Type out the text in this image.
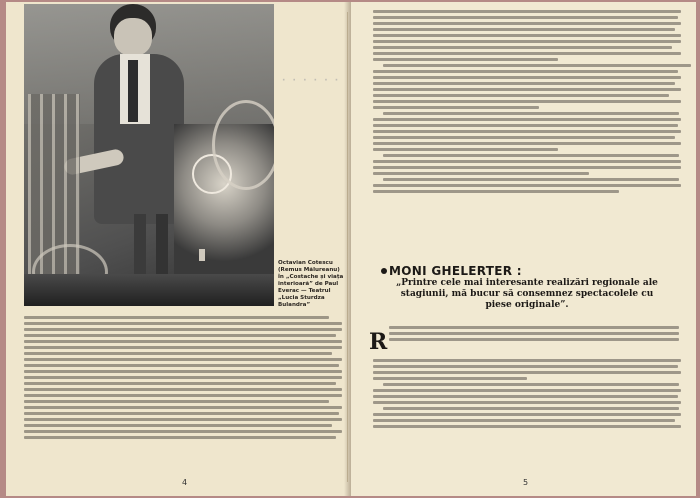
Octavian Cotescu (Remus Mălureanu) în „Costache și viața interioară” de Paul Everac — Teatrul „Lucia Sturdza Bulandra”
· · · · · ·
4
MONI GHELERTER :
„Printre cele mai interesante realizări regionale ale stagiunii, mă bucur să consemnez spectacolele cu piese originale”.
R
5
